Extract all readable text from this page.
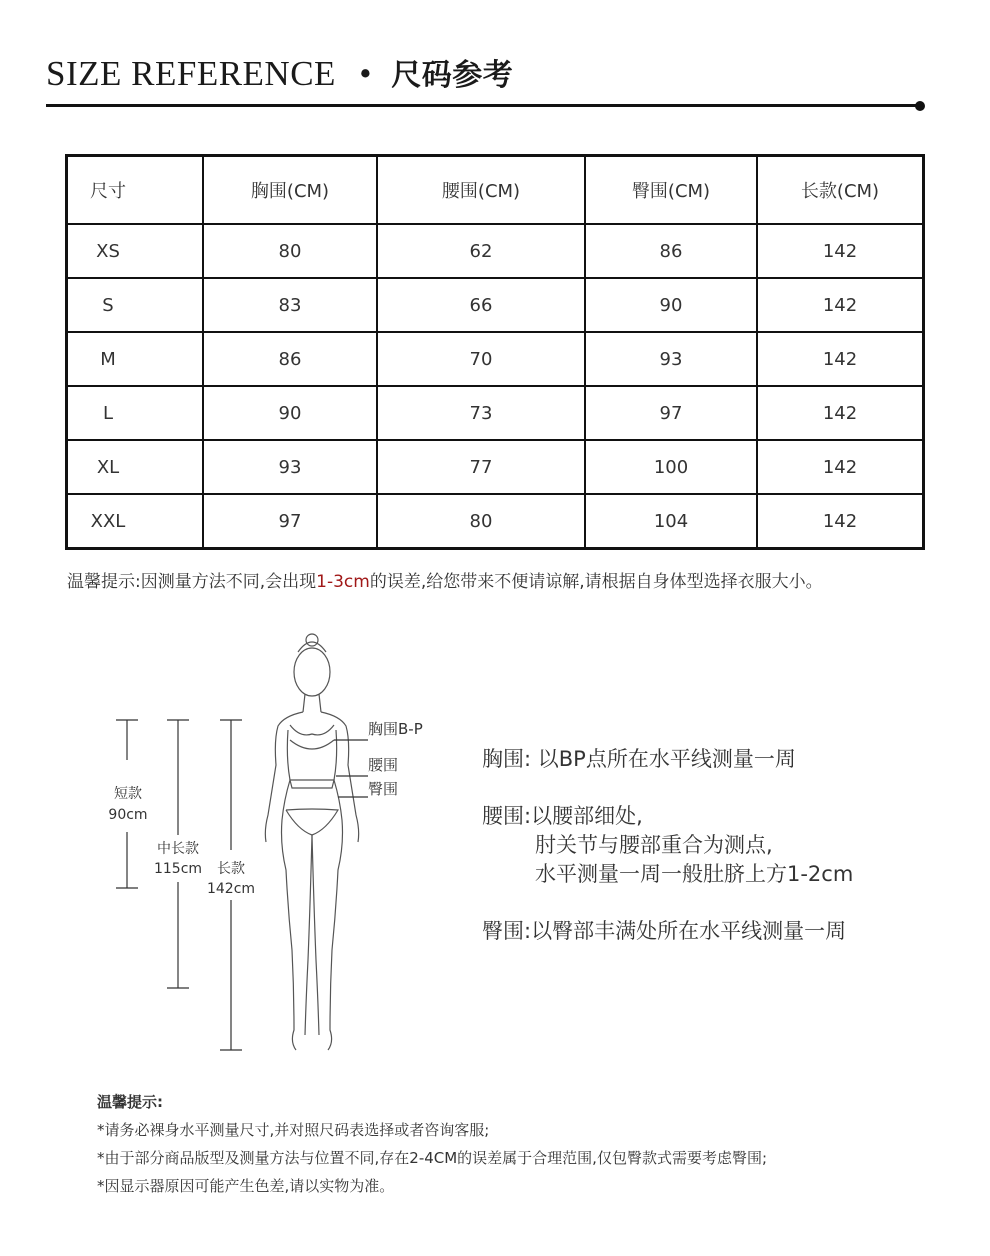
SIZE REFERENCE • 尺码参考
尺寸	胸围(CM)	腰围(CM)	臀围(CM)	长款(CM)
XS	80	62	86	142
S	83	66	90	142
M	86	70	93	142
L	90	73	97	142
XL	93	77	100	142
XXL	97	80	104	142
温馨提示:因测量方法不同,会出现1-3cm的误差,给您带来不便请谅解,请根据自身体型选择衣服大小。
胸围B-P
腰围
臀围
短款
90cm
中长款
115cm 长款
142cm
胸围: 以BP点所在水平线测量一周
腰围:以腰部细处,
肘关节与腰部重合为测点,
水平测量一周一般肚脐上方1-2cm
臀围:以臀部丰满处所在水平线测量一周
温馨提示:
*请务必裸身水平测量尺寸,并对照尺码表选择或者咨询客服;
*由于部分商品版型及测量方法与位置不同,存在2-4CM的误差属于合理范围,仅包臀款式需要考虑臀围;
*因显示器原因可能产生色差,请以实物为准。
